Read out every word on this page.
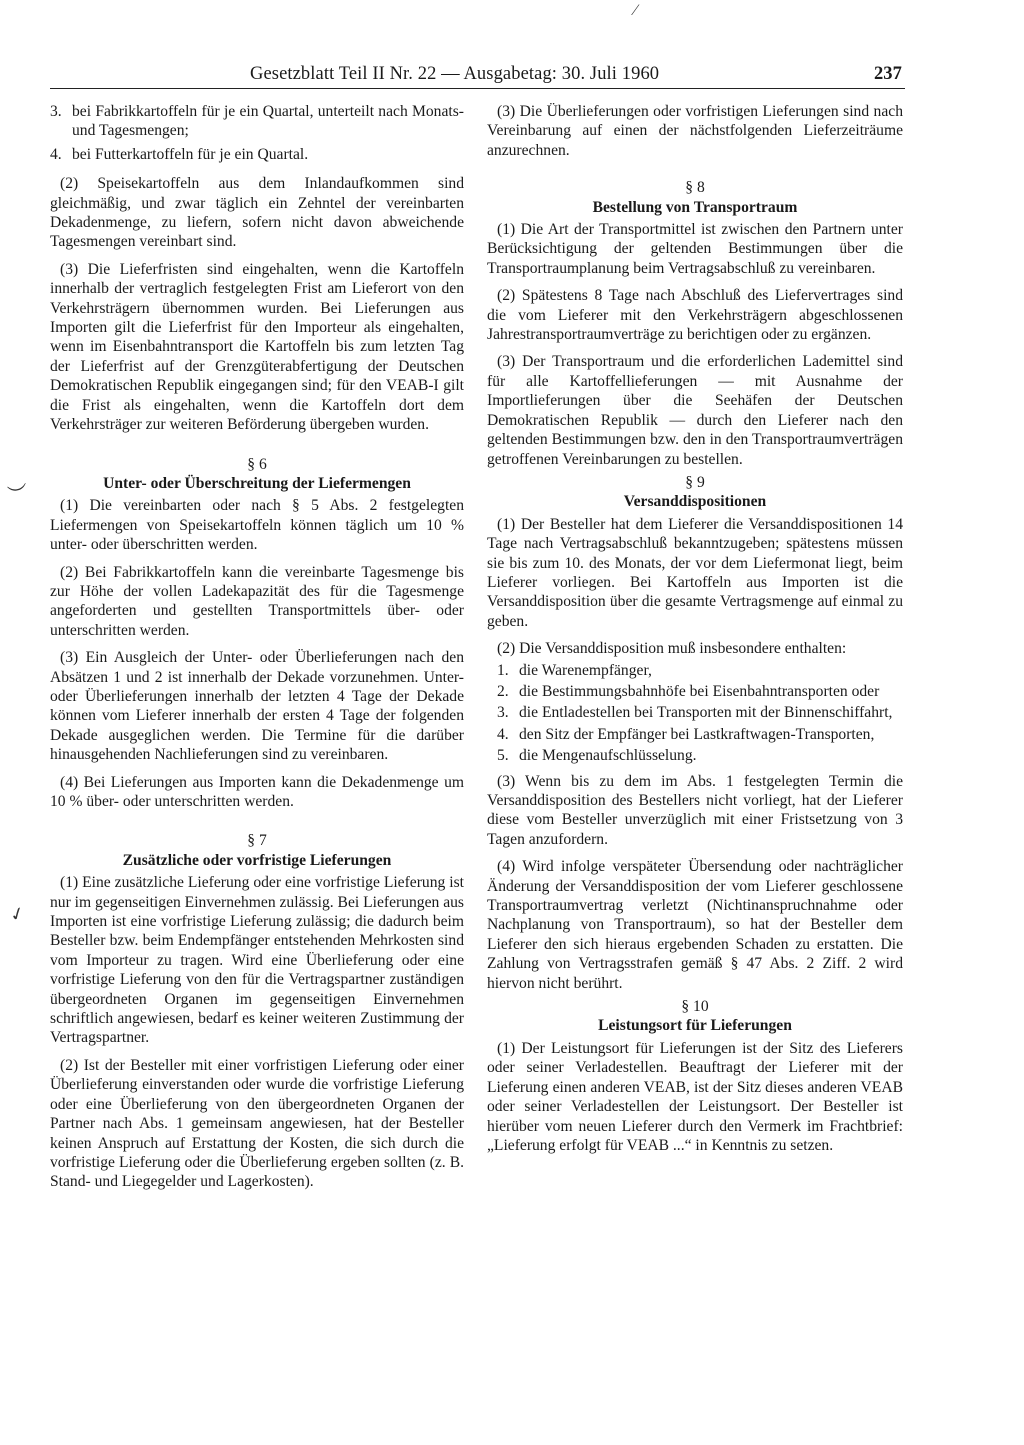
⁄
︶
✓
Gesetzblatt Teil II Nr. 22 — Ausgabetag: 30. Juli 1960	237
3. bei Fabrikkartoffeln für je ein Quartal, unterteilt nach Monats- und Tagesmengen;
4. bei Futterkartoffeln für je ein Quartal.

(2) Speisekartoffeln aus dem Inlandaufkommen sind gleichmäßig, und zwar täglich ein Zehntel der vereinbarten Dekadenmenge, zu liefern, sofern nicht davon abweichende Tagesmengen vereinbart sind.

(3) Die Lieferfristen sind eingehalten, wenn die Kartoffeln innerhalb der vertraglich festgelegten Frist am Lieferort von den Verkehrsträgern übernommen wurden. Bei Lieferungen aus Importen gilt die Lieferfrist für den Importeur als eingehalten, wenn im Eisenbahntransport die Kartoffeln bis zum letzten Tag der Lieferfrist auf der Grenzgüterabfertigung der Deutschen Demokratischen Republik eingegangen sind; für den VEAB-I gilt die Frist als eingehalten, wenn die Kartoffeln dort dem Verkehrsträger zur weiteren Beförderung übergeben wurden.

§ 6
Unter- oder Überschreitung der Liefermengen

(1) Die vereinbarten oder nach § 5 Abs. 2 festgelegten Liefermengen von Speisekartoffeln können täglich um 10 % unter- oder überschritten werden.

(2) Bei Fabrikkartoffeln kann die vereinbarte Tagesmenge bis zur Höhe der vollen Ladekapazität des für die Tagesmenge angeforderten und gestellten Transportmittels über- oder unterschritten werden.

(3) Ein Ausgleich der Unter- oder Überlieferungen nach den Absätzen 1 und 2 ist innerhalb der Dekade vorzunehmen. Unter- oder Überlieferungen innerhalb der letzten 4 Tage der Dekade können vom Lieferer innerhalb der ersten 4 Tage der folgenden Dekade ausgeglichen werden. Die Termine für die darüber hinausgehenden Nachlieferungen sind zu vereinbaren.

(4) Bei Lieferungen aus Importen kann die Dekadenmenge um 10 % über- oder unterschritten werden.

§ 7
Zusätzliche oder vorfristige Lieferungen

(1) Eine zusätzliche Lieferung oder eine vorfristige Lieferung ist nur im gegenseitigen Einvernehmen zulässig. Bei Lieferungen aus Importen ist eine vorfristige Lieferung zulässig; die dadurch beim Besteller bzw. beim Endempfänger entstehenden Mehrkosten sind vom Importeur zu tragen. Wird eine Überlieferung oder eine vorfristige Lieferung von den für die Vertragspartner zuständigen übergeordneten Organen im gegenseitigen Einvernehmen schriftlich angewiesen, bedarf es keiner weiteren Zustimmung der Vertragspartner.

(2) Ist der Besteller mit einer vorfristigen Lieferung oder einer Überlieferung einverstanden oder wurde die vorfristige Lieferung oder eine Überlieferung von den übergeordneten Organen der Partner nach Abs. 1 gemeinsam angewiesen, hat der Besteller keinen Anspruch auf Erstattung der Kosten, die sich durch die vorfristige Lieferung oder die Überlieferung ergeben sollten (z. B. Stand- und Liegegelder und Lagerkosten).

(3) Die Überlieferungen oder vorfristigen Lieferungen sind nach Vereinbarung auf einen der nächstfolgenden Lieferzeiträume anzurechnen.

§ 8
Bestellung von Transportraum

(1) Die Art der Transportmittel ist zwischen den Partnern unter Berücksichtigung der geltenden Bestimmungen über die Transportraumplanung beim Vertragsabschluß zu vereinbaren.

(2) Spätestens 8 Tage nach Abschluß des Liefervertrages sind die vom Lieferer mit den Verkehrsträgern abgeschlossenen Jahrestransportraumverträge zu berichtigen oder zu ergänzen.

(3) Der Transportraum und die erforderlichen Lademittel sind für alle Kartoffellieferungen — mit Ausnahme der Importlieferungen über die Seehäfen der Deutschen Demokratischen Republik — durch den Lieferer nach den geltenden Bestimmungen bzw. den in den Transportraumverträgen getroffenen Vereinbarungen zu bestellen.

§ 9
Versanddispositionen

(1) Der Besteller hat dem Lieferer die Versanddispositionen 14 Tage nach Vertragsabschluß bekanntzugeben; spätestens müssen sie bis zum 10. des Monats, der vor dem Liefermonat liegt, beim Lieferer vorliegen. Bei Kartoffeln aus Importen ist die Versanddisposition über die gesamte Vertragsmenge auf einmal zu geben.

(2) Die Versanddisposition muß insbesondere enthalten:

1. die Warenempfänger,
2. die Bestimmungsbahnhöfe bei Eisenbahntransporten oder
3. die Entladestellen bei Transporten mit der Binnenschiffahrt,
4. den Sitz der Empfänger bei Lastkraftwagen-Transporten,
5. die Mengenaufschlüsselung.

(3) Wenn bis zu dem im Abs. 1 festgelegten Termin die Versanddisposition des Bestellers nicht vorliegt, hat der Lieferer diese vom Besteller unverzüglich mit einer Fristsetzung von 3 Tagen anzufordern.

(4) Wird infolge verspäteter Übersendung oder nachträglicher Änderung der Versanddisposition der vom Lieferer geschlossene Transportraumvertrag verletzt (Nichtinanspruchnahme oder Nachplanung von Transportraum), so hat der Besteller dem Lieferer den sich hieraus ergebenden Schaden zu erstatten. Die Zahlung von Vertragsstrafen gemäß § 47 Abs. 2 Ziff. 2 wird hiervon nicht berührt.

§ 10
Leistungsort für Lieferungen

(1) Der Leistungsort für Lieferungen ist der Sitz des Lieferers oder seiner Verladestellen. Beauftragt der Lieferer mit der Lieferung einen anderen VEAB, ist der Sitz dieses anderen VEAB oder seiner Verladestellen der Leistungsort. Der Besteller ist hierüber vom neuen Lieferer durch den Vermerk im Frachtbrief: „Lieferung erfolgt für VEAB ...“ in Kenntnis zu setzen.
